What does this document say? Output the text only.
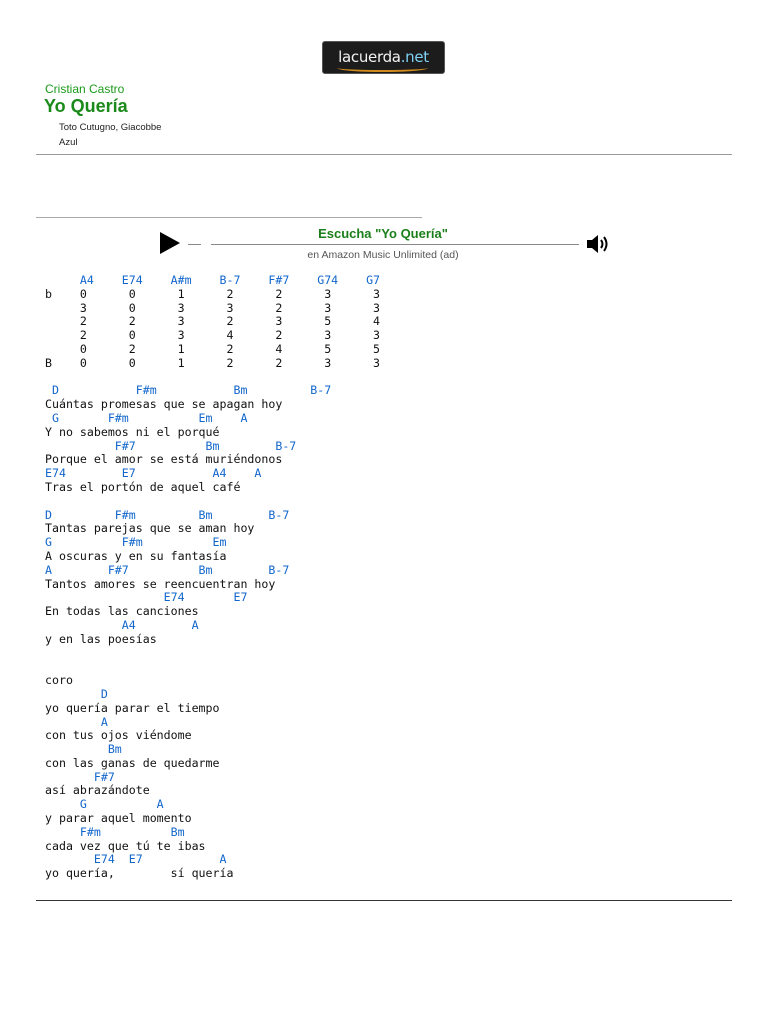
lacuerda.net
Cristian Castro
Yo Quería
Toto Cutugno, Giacobbe
Azul
Escucha "Yo Quería"
en Amazon Music Unlimited (ad)
A4    E74    A#m    B-7    F#7    G74    G7
b    0      0      1      2      2      3      3
3      0      3      3      2      3      3
2      2      3      2      3      5      4
2      0      3      4      2      3      3
0      2      1      2      4      5      5
B    0      0      1      2      2      3      3

D           F#m           Bm         B-7
Cuántas promesas que se apagan hoy
G       F#m          Em    A
Y no sabemos ni el porqué
F#7          Bm        B-7
Porque el amor se está muriéndonos
E74        E7           A4    A
Tras el portón de aquel café

D         F#m         Bm        B-7
Tantas parejas que se aman hoy
G          F#m          Em
A oscuras y en su fantasía
A        F#7          Bm        B-7
Tantos amores se reencuentran hoy
E74       E7
En todas las canciones
A4        A
y en las poesías

coro
D
yo quería parar el tiempo
A
con tus ojos viéndome
Bm
con las ganas de quedarme
F#7
así abrazándote
G          A
y parar aquel momento
F#m          Bm
cada vez que tú te ibas
E74  E7           A
yo quería,        sí quería
